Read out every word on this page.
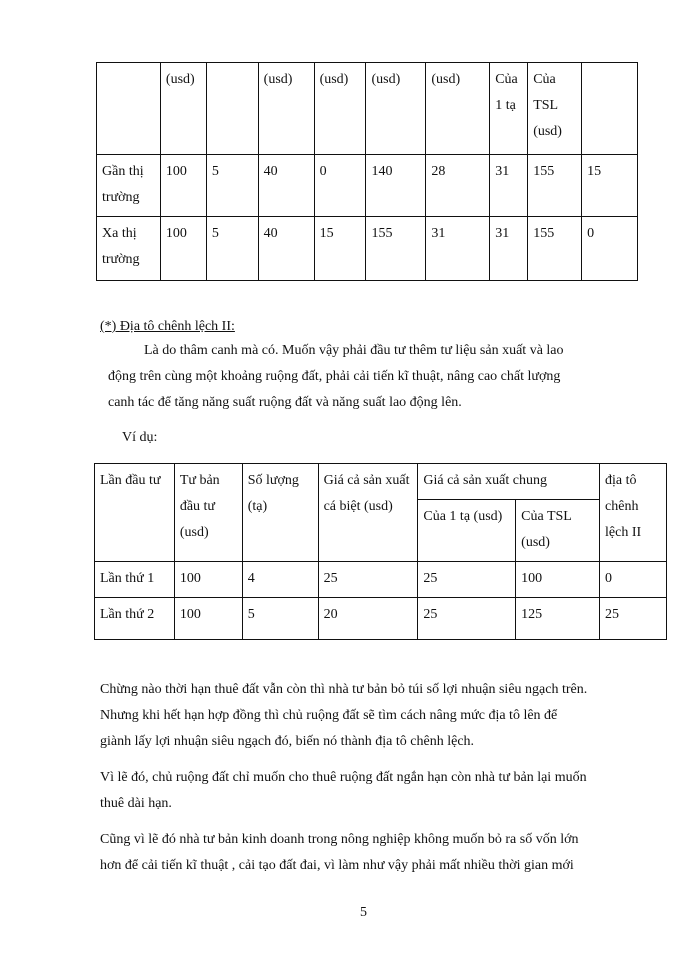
	(usd)		(usd)	(usd)	(usd)	(usd)	Của 1 tạ	Của TSL (usd)	
Gần thị trường	100	5	40	0	140	28	31	155	15
Xa thị trường	100	5	40	15	155	31	31	155	0

(*) Địa tô chênh lệch II:

Là do thâm canh mà có. Muốn vậy phải đầu tư thêm tư liệu sản xuất và lao
động trên cùng một khoảng ruộng đất, phải cải tiến kĩ thuật, nâng cao chất lượng
canh tác để tăng năng suất ruộng đất và năng suất lao động lên.

Ví dụ:

Lần đầu tư	Tư bản đầu tư (usd)	Số lượng (tạ)	Giá cả sản xuất cá biệt (usd)	Giá cả sản xuất chung		địa tô chênh lệch II
				Của 1 tạ (usd)	Của TSL (usd)	
Lần thứ 1	100	4	25	25	100	0
Lần thứ 2	100	5	20	25	125	25
Chừng nào thời hạn thuê đất vẫn còn thì nhà tư bản bỏ túi số lợi nhuận siêu ngạch trên.
Nhưng khi hết hạn hợp đồng thì chủ ruộng đất sẽ tìm cách nâng mức địa tô lên để
giành lấy lợi nhuận siêu ngạch đó, biến nó thành địa tô chênh lệch.
Vì lẽ đó, chủ ruộng đất chỉ muốn cho thuê ruộng đất ngắn hạn còn nhà tư bản lại muốn
thuê dài hạn.
Cũng vì lẽ đó nhà tư bản kinh doanh trong nông nghiệp không muốn bỏ ra số vốn lớn
hơn để cải tiến kĩ thuật , cải tạo đất đai, vì làm như vậy phải mất nhiều thời gian mới

5
